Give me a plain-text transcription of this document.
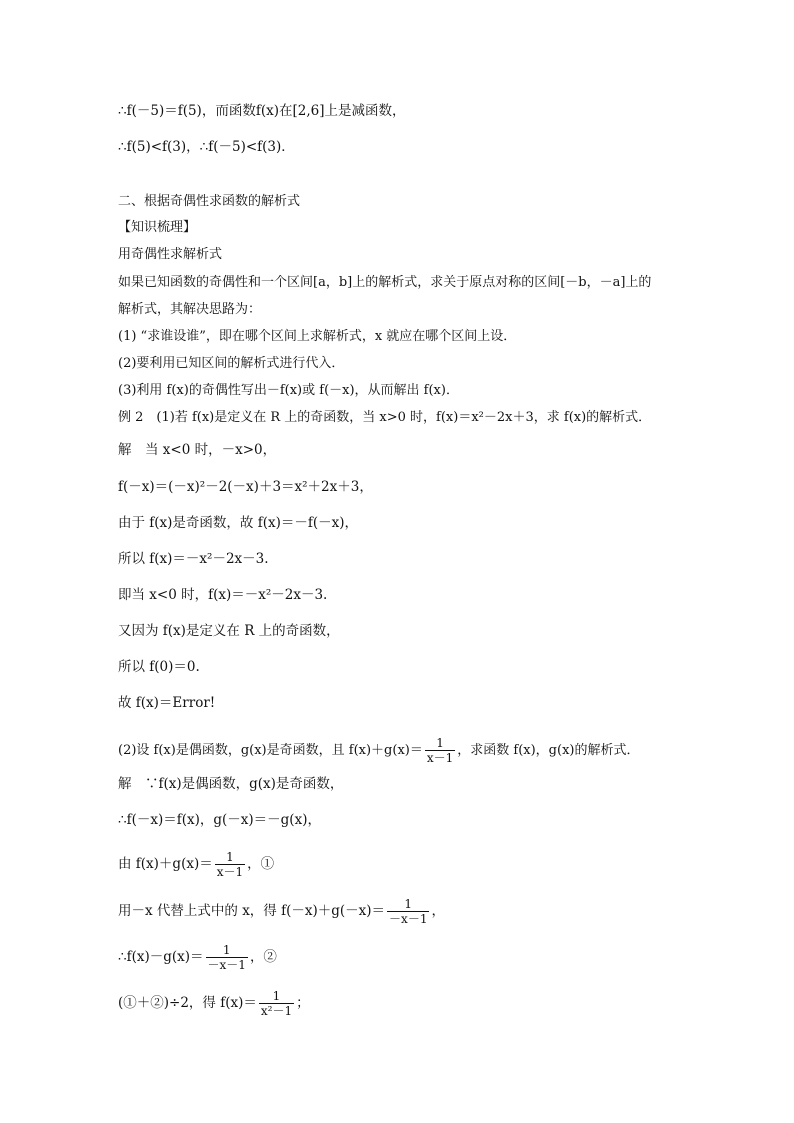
∴f(－5)＝f(5)，而函数f(x)在[2,6]上是减函数，
∴f(5)<f(3)，∴f(－5)<f(3)．
二、根据奇偶性求函数的解析式
【知识梳理】
用奇偶性求解析式
如果已知函数的奇偶性和一个区间[a，b]上的解析式，求关于原点对称的区间[－b，－a]上的
解析式，其解决思路为：
(1) “求谁设谁”，即在哪个区间上求解析式，x 就应在哪个区间上设．
(2)要利用已知区间的解析式进行代入．
(3)利用 f(x)的奇偶性写出－f(x)或 f(－x)，从而解出 f(x)．
例 2　(1)若 f(x)是定义在 R 上的奇函数，当 x>0 时，f(x)＝x²－2x＋3，求 f(x)的解析式．
解　当 x<0 时，－x>0，
f(－x)＝(－x)²－2(－x)＋3＝x²＋2x＋3，
由于 f(x)是奇函数，故 f(x)＝－f(－x)，
所以 f(x)＝－x²－2x－3.
即当 x<0 时，f(x)＝－x²－2x－3.
又因为 f(x)是定义在 R 上的奇函数，
所以 f(0)＝0.
故 f(x)＝Error!
(2)设 f(x)是偶函数，g(x)是奇函数，且 $f(x)+g(x)= \frac{1}{x-1}$ ，求函数 f(x)，g(x)的解析式．
解　∵f(x)是偶函数，g(x)是奇函数，
∴f(－x)＝f(x)，g(－x)＝－g(x)，
由 $f(x)+g(x)= \frac{1}{x-1}$ ，①
用－x 代替上式中的 x，得 $f(-x)+g(-x)= \frac{1}{-x-1}$ ，
∴f(x)－g(x)＝ $\frac{1}{-x-1}$ ，②
(①＋②)÷2，得 $f(x)= \frac{1}{\text{x²－1}}$ ；
